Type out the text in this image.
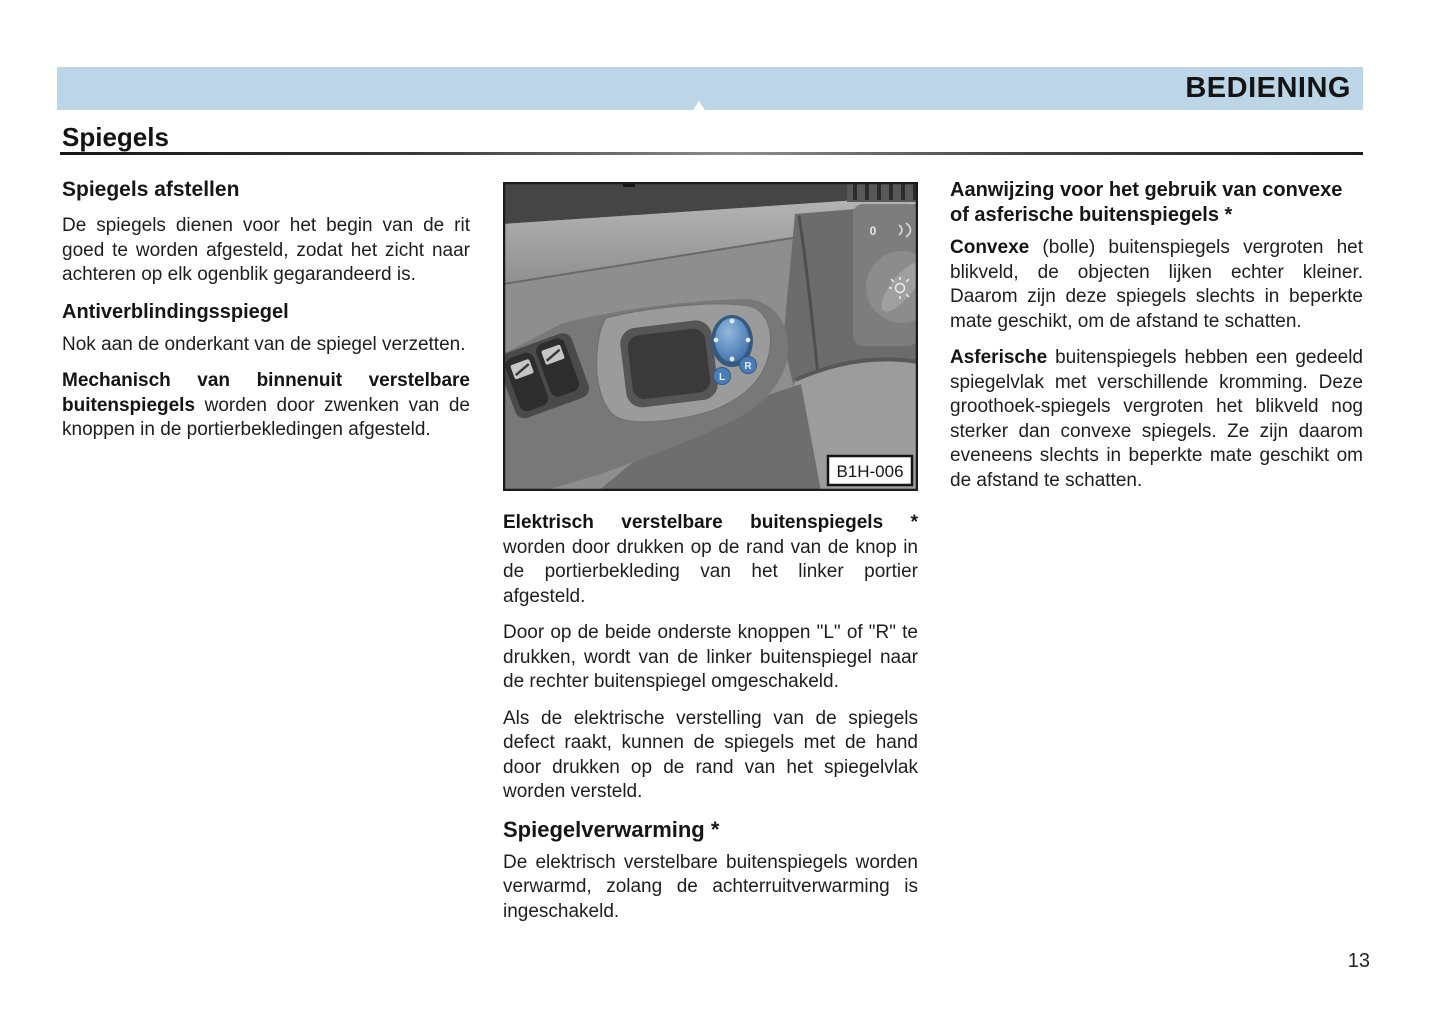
BEDIENING
Spiegels
Spiegels afstellen

De spiegels dienen voor het begin van de rit goed te worden afgesteld, zodat het zicht naar achteren op elk ogenblik gegarandeerd is.

Antiverblindingsspiegel

Nok aan de onderkant van de spiegel verzetten.

Mechanisch van binnenuit verstelbare buitenspiegels worden door zwenken van de knoppen in de portierbekledingen afgesteld.

0
L
R
B1H-006

Elektrisch verstelbare buitenspiegels * worden door drukken op de rand van de knop in de portierbekleding van het linker portier afgesteld.

Door op de beide onderste knoppen "L" of "R" te drukken, wordt van de linker buitenspiegel naar de rechter buitenspiegel omgeschakeld.

Als de elektrische verstelling van de spiegels defect raakt, kunnen de spiegels met de hand door drukken op de rand van het spiegelvlak worden versteld.

Spiegelverwarming *

De elektrisch verstelbare buitenspiegels worden verwarmd, zolang de achterruitverwarming is ingeschakeld.

Aanwijzing voor het gebruik van convexe of asferische buitenspiegels *

Convexe (bolle) buitenspiegels vergroten het blikveld, de objecten lijken echter kleiner. Daarom zijn deze spiegels slechts in beperkte mate geschikt, om de afstand te schatten.

Asferische buitenspiegels hebben een gedeeld spiegelvlak met verschillende kromming. Deze groothoek-spiegels vergroten het blikveld nog sterker dan convexe spiegels. Ze zijn daarom eveneens slechts in beperkte mate geschikt om de afstand te schatten.

13
